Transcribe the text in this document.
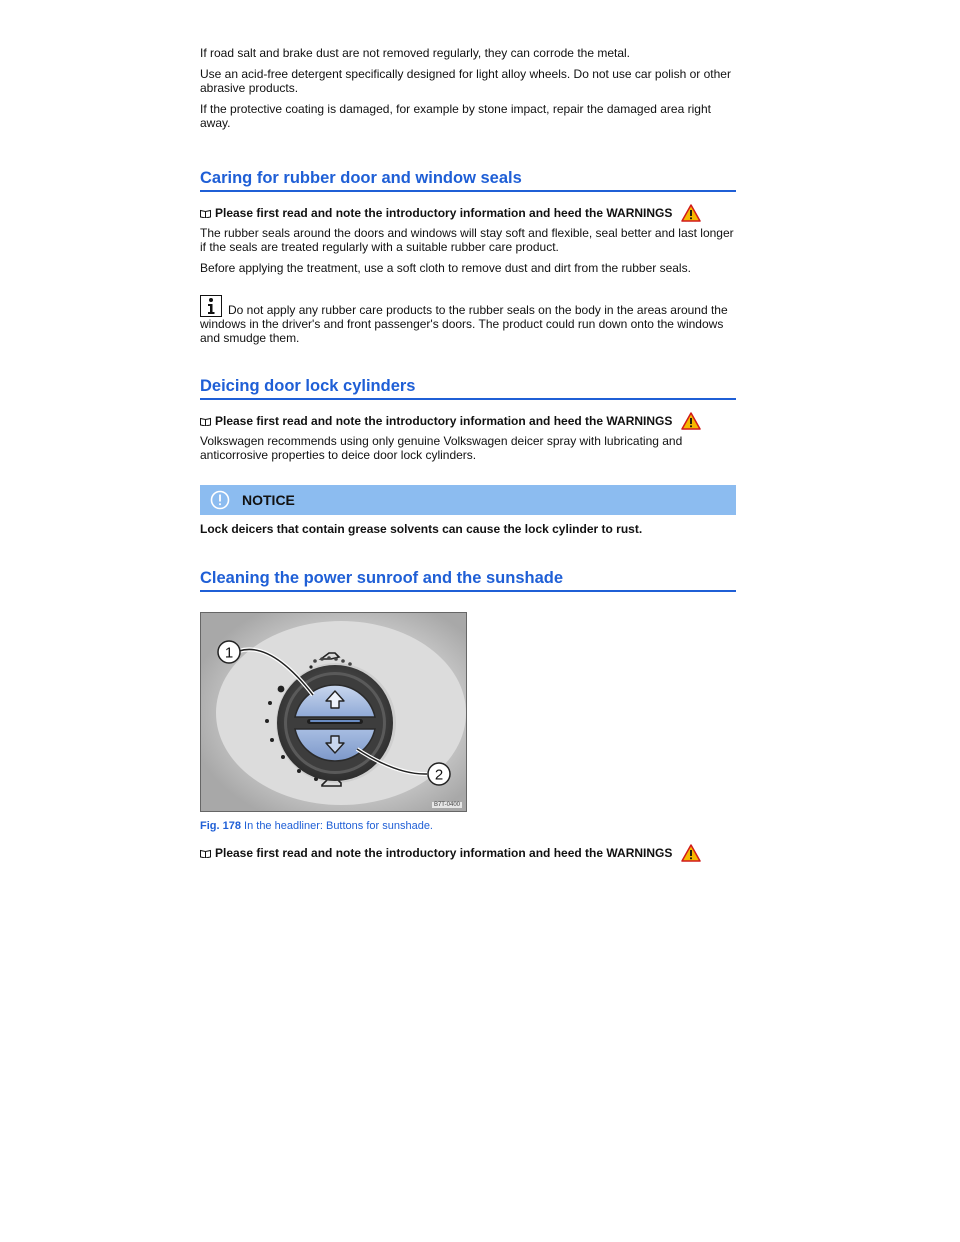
If road salt and brake dust are not removed regularly, they can corrode the metal.

Use an acid-free detergent specifically designed for light alloy wheels. Do not use car polish or other abrasive products.

If the protective coating is damaged, for example by stone impact, repair the damaged area right away.

Caring for rubber door and window seals
Please first read and note the introductory information and heed the WARNINGS

The rubber seals around the doors and windows will stay soft and flexible, seal better and last longer if the seals are treated regularly with a suitable rubber care product.

Before applying the treatment, use a soft cloth to remove dust and dirt from the rubber seals.

Do not apply any rubber care products to the rubber seals on the body in the areas around the windows in the driver's and front passenger's doors. The product could run down onto the windows and smudge them.

Deicing door lock cylinders
Please first read and note the introductory information and heed the WARNINGS

Volkswagen recommends using only genuine Volkswagen deicer spray with lubricating and anticorrosive properties to deice door lock cylinders.

NOTICE

Lock deicers that contain grease solvents can cause the lock cylinder to rust.

Cleaning the power sunroof and the sunshade
1
2
B7T-0400

Fig. 178 In the headliner: Buttons for sunshade.

Please first read and note the introductory information and heed the WARNINGS
